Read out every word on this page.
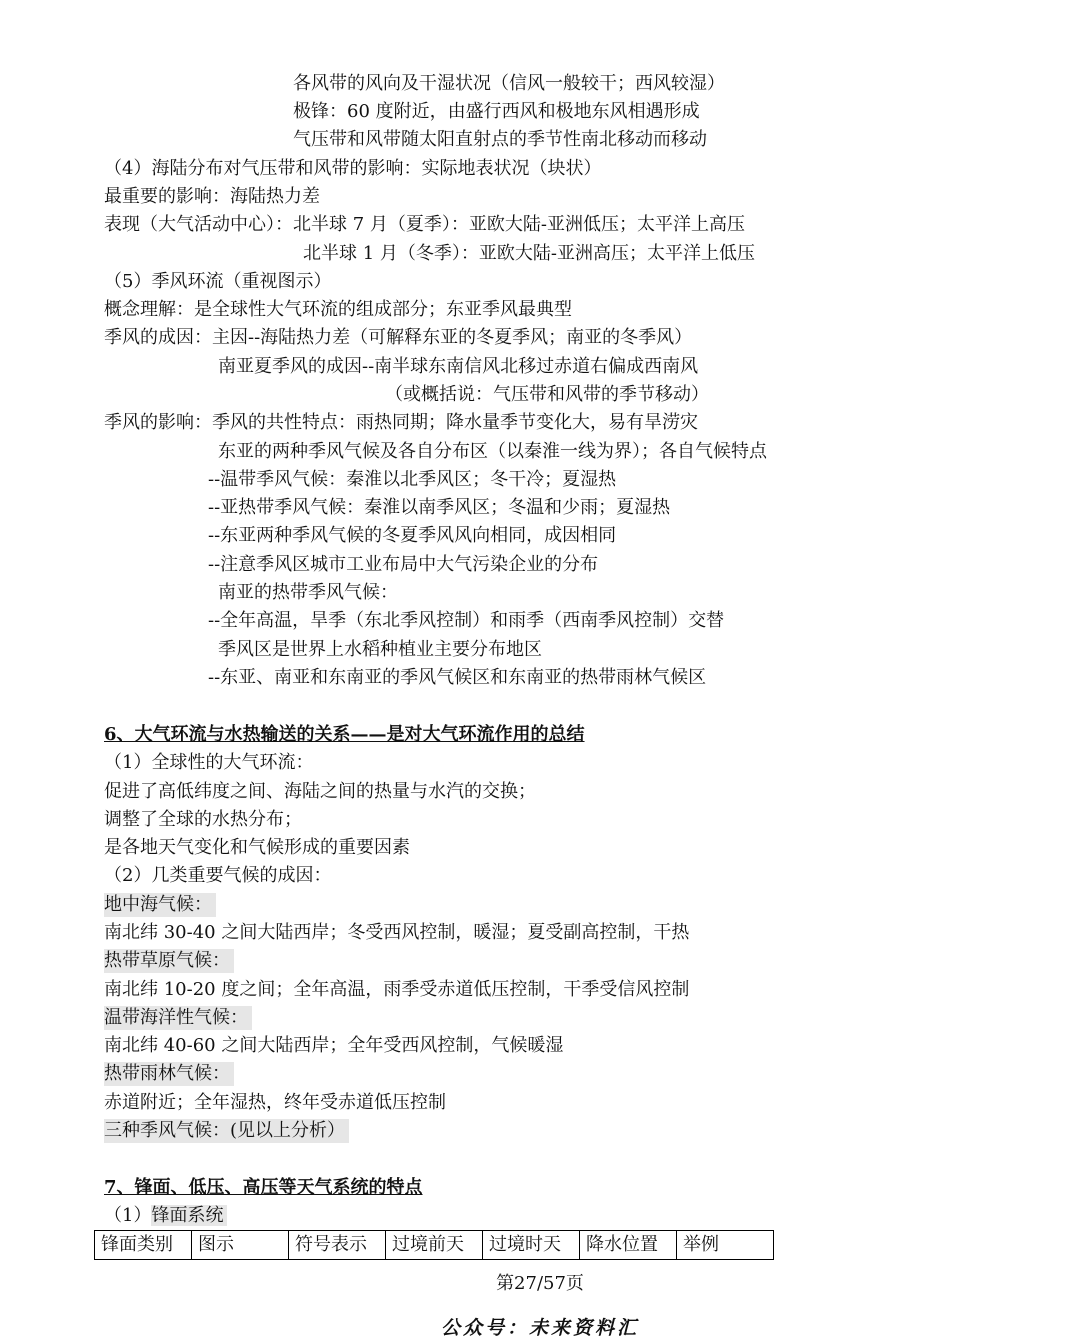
各风带的风向及干湿状况（信风一般较干；西风较湿）
极锋：60 度附近，由盛行西风和极地东风相遇形成
气压带和风带随太阳直射点的季节性南北移动而移动
（4）海陆分布对气压带和风带的影响：实际地表状况（块状）
最重要的影响：海陆热力差
表现（大气活动中心）：北半球 7 月（夏季）：亚欧大陆-亚洲低压；太平洋上高压
北半球 1 月（冬季）：亚欧大陆-亚洲高压；太平洋上低压
（5）季风环流（重视图示）
概念理解：是全球性大气环流的组成部分；东亚季风最典型
季风的成因：主因--海陆热力差（可解释东亚的冬夏季风；南亚的冬季风）
南亚夏季风的成因--南半球东南信风北移过赤道右偏成西南风
（或概括说：气压带和风带的季节移动）
季风的影响：季风的共性特点：雨热同期；降水量季节变化大，易有旱涝灾
东亚的两种季风气候及各自分布区（以秦淮一线为界）；各自气候特点
--温带季风气候：秦淮以北季风区；冬干冷；夏湿热
--亚热带季风气候：秦淮以南季风区；冬温和少雨；夏湿热
--东亚两种季风气候的冬夏季风风向相同，成因相同
--注意季风区城市工业布局中大气污染企业的分布
南亚的热带季风气候：
--全年高温，旱季（东北季风控制）和雨季（西南季风控制）交替
季风区是世界上水稻种植业主要分布地区
--东亚、南亚和东南亚的季风气候区和东南亚的热带雨林气候区
6、大气环流与水热输送的关系——是对大气环流作用的总结
（1）全球性的大气环流：
促进了高低纬度之间、海陆之间的热量与水汽的交换；
调整了全球的水热分布；
是各地天气变化和气候形成的重要因素
（2）几类重要气候的成因：
地中海气候：
南北纬 30-40 之间大陆西岸；冬受西风控制，暖湿；夏受副高控制，干热
热带草原气候：
南北纬 10-20 度之间；全年高温，雨季受赤道低压控制，干季受信风控制
温带海洋性气候：
南北纬 40-60 之间大陆西岸；全年受西风控制，气候暖湿
热带雨林气候：
赤道附近；全年湿热，终年受赤道低压控制
三种季风气候：(见以上分析）
7、锋面、低压、高压等天气系统的特点
（1）锋面系统
锋面类别	图示	符号表示	过境前天	过境时天	降水位置	举例
第27/57页
公众号：未来资料汇
